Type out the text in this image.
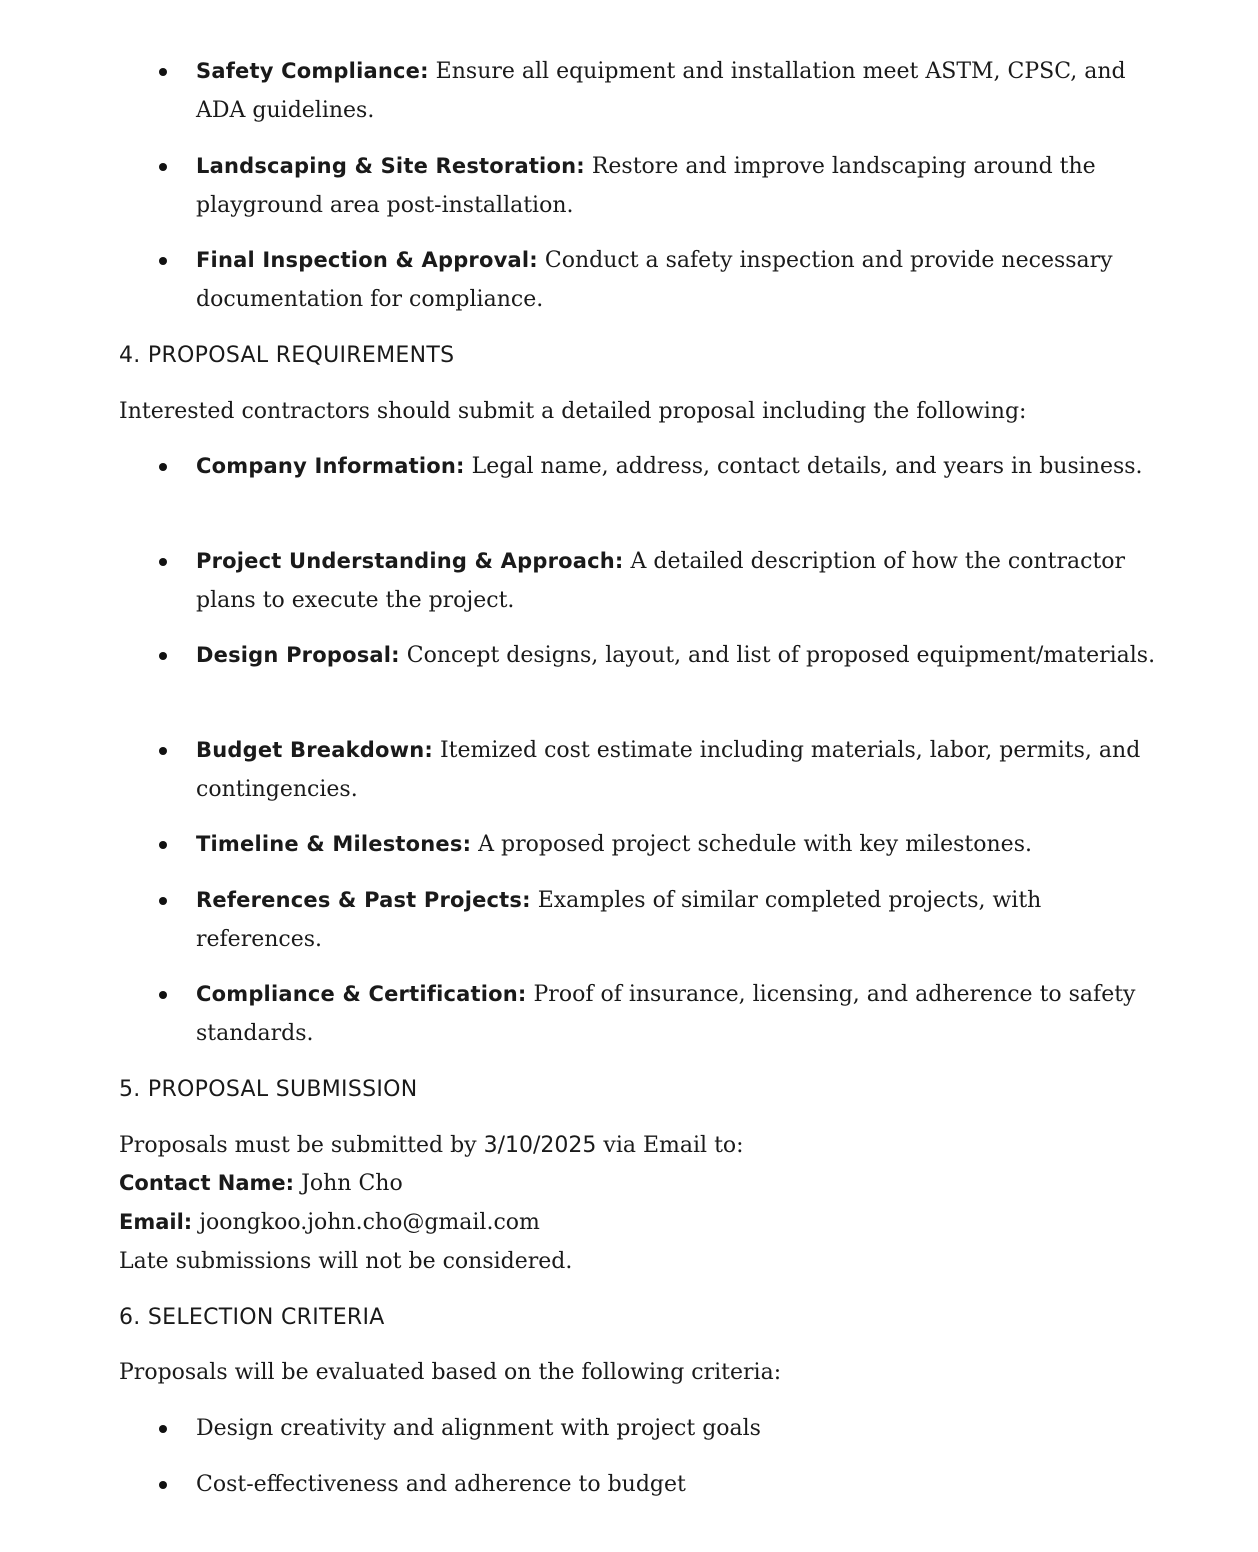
Safety Compliance: Ensure all equipment and installation meet ASTM, CPSC, and ADA guidelines.
Landscaping & Site Restoration: Restore and improve landscaping around the playground area post-installation.
Final Inspection & Approval: Conduct a safety inspection and provide necessary documentation for compliance.
4. PROPOSAL REQUIREMENTS

Interested contractors should submit a detailed proposal including the following:

Company Information: Legal name, address, contact details, and years in business.
Project Understanding & Approach: A detailed description of how the contractor plans to execute the project.
Design Proposal: Concept designs, layout, and list of proposed equipment/materials.
Budget Breakdown: Itemized cost estimate including materials, labor, permits, and contingencies.
Timeline & Milestones: A proposed project schedule with key milestones.
References & Past Projects: Examples of similar completed projects, with references.
Compliance & Certification: Proof of insurance, licensing, and adherence to safety standards.
5. PROPOSAL SUBMISSION

Proposals must be submitted by 3/10/2025 via Email to:

Contact Name: John Cho

Email: joongkoo.john.cho@gmail.com

Late submissions will not be considered.

6. SELECTION CRITERIA

Proposals will be evaluated based on the following criteria:

Design creativity and alignment with project goals
Cost-effectiveness and adherence to budget
